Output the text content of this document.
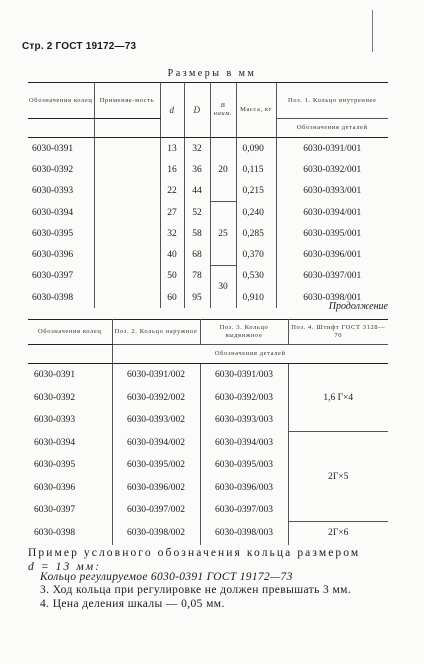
Стр. 2 ГОСТ 19172—73
Размеры в мм
Обозначения колец	Применяе-мость	d	D	В наим.	Масса, кг	Поз. 1. Кольцо внутреннее
						Обозначения деталей
6030-0391		13	32	20	0,090	6030-0391/001
6030-0392		16	36		0,115	6030-0392/001
6030-0393		22	44		0,215	6030-0393/001
6030-0394		27	52	25	0,240	6030-0394/001
6030-0395		32	58		0,285	6030-0395/001
6030-0396		40	68		0,370	6030-0396/001
6030-0397		50	78	30	0,530	6030-0397/001
6030-0398		60	95		0,910	6030-0398/001
Продолжение
Обозначения колец	Поз. 2. Кольцо наружное	Поз. 3. Кольцо выдвижное	Поз. 4. Штифт ГОСТ 3128—70
	Обозначения деталей		
6030-0391	6030-0391/002	6030-0391/003	1,6 Г×4
6030-0392	6030-0392/002	6030-0392/003	
6030-0393	6030-0393/002	6030-0393/003	
6030-0394	6030-0394/002	6030-0394/003	2Г×5
6030-0395	6030-0395/002	6030-0395/003	
6030-0396	6030-0396/002	6030-0396/003	
6030-0397	6030-0397/002	6030-0397/003	
6030-0398	6030-0398/002	6030-0398/003	2Г×6
Пример условного обозначения кольца размером
d = 13 мм:
Кольцо регулируемое 6030-0391 ГОСТ 19172—73
3. Ход кольца при регулировке не должен превышать 3 мм.
4. Цена деления шкалы — 0,05 мм.
